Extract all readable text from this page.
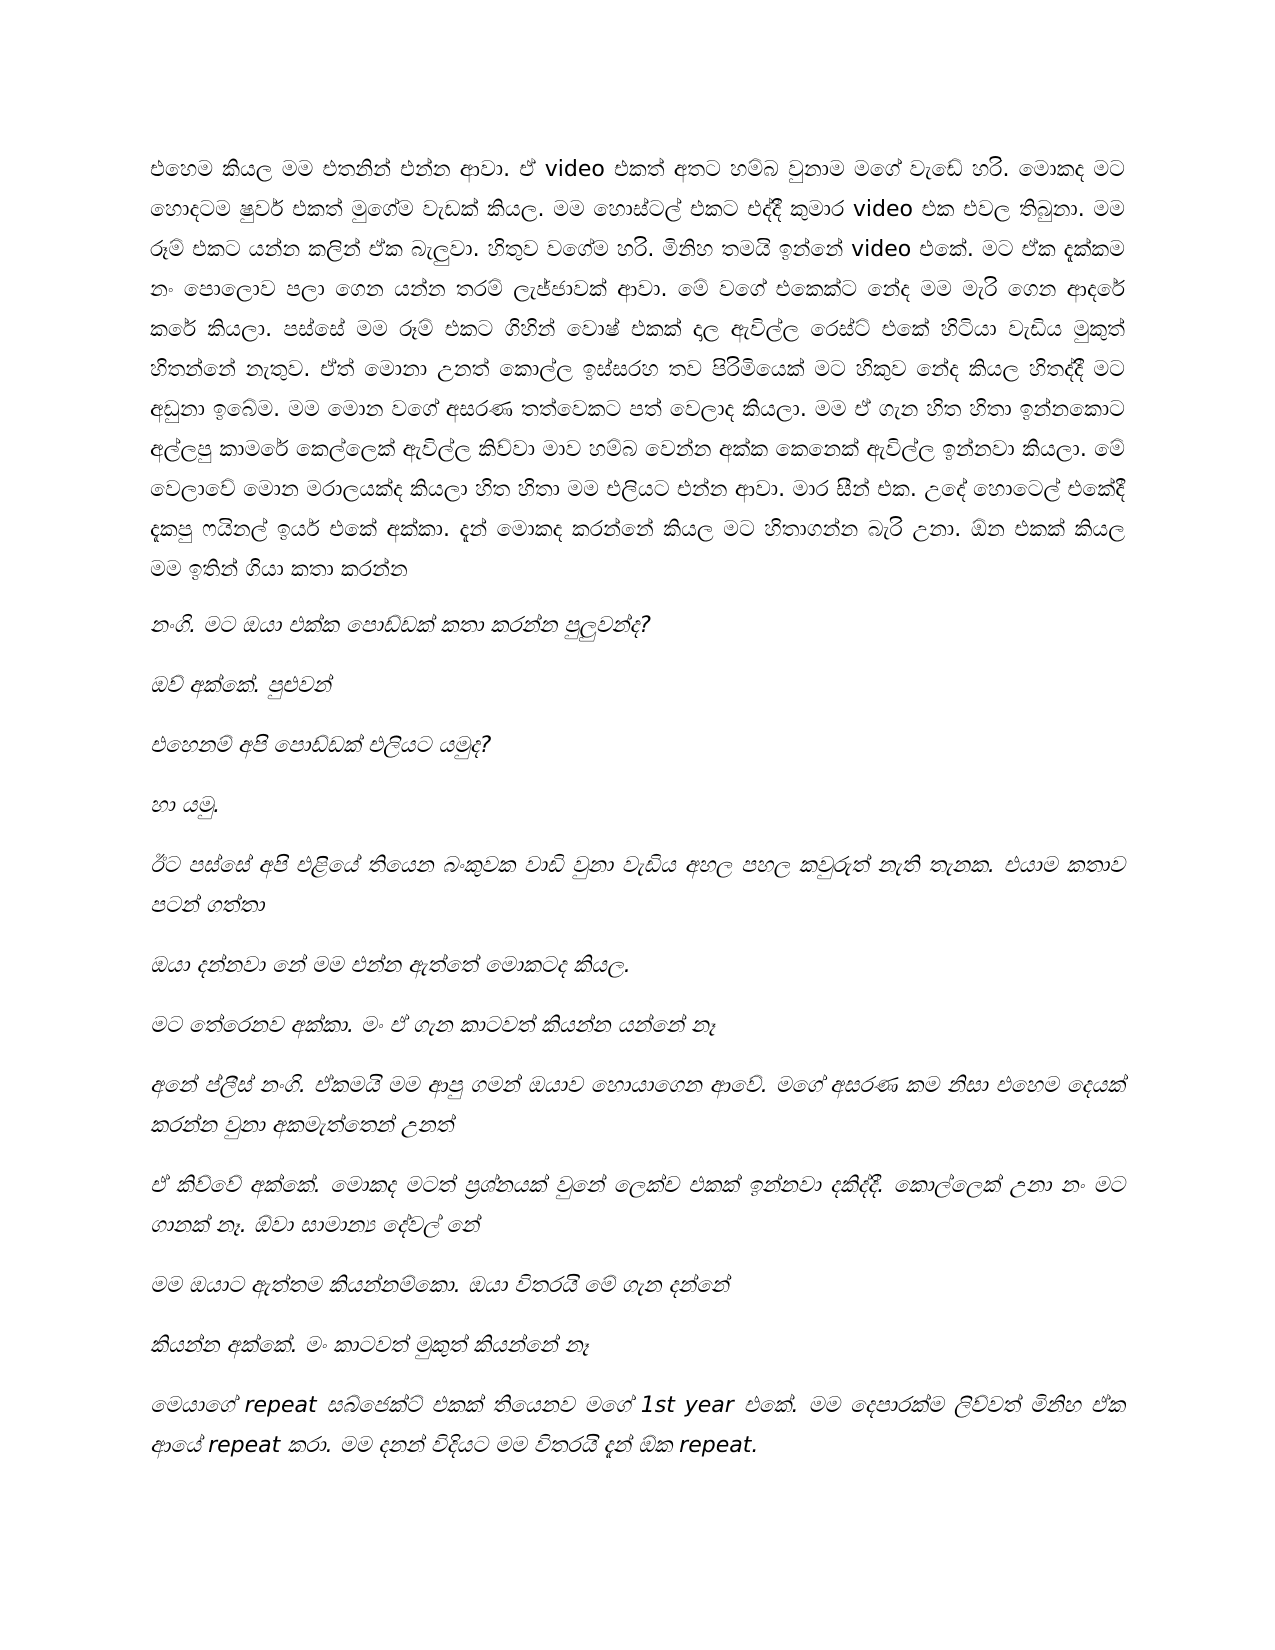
එහෙම කියල මම එතනින් එන්න ආවා. ඒ video එකත් අතට හම්බ වුනාම මගේ වැඩේ හරි. මොකද මට හොදටම ෂුවර් එකත් මුගේම වැඩක් කියල. මම හොස්ටල් එකට එද්දී කුමාර video එක එවල තිබුනා. මම රූම් එකට යන්න කලින් ඒක බැලුවා. හිතුව වගේම හරි. මිනිහ තමයි ඉන්නේ video එකේ. මට ඒක දැක්කම නං පොලොව පලා ගෙන යන්න තරම් ලැජ්ජාවක් ආවා. මේ වගේ එකෙක්ට නේද මම මැරි ගෙන ආදරේ කරේ කියලා. පස්සේ මම රූම් එකට ගිහින් වොෂ් එකක් දාල ඇවිල්ල රෙස්ට් එකේ හිටියා වැඩිය මුකුත් හිතන්නේ නැතුව. ඒත් මොනා උනත් කොල්ල ඉස්සරහ තව පිරිමියෙක් මට හිකුව නේද කියල හිතද්දී මට අඩුනා ඉබේම. මම මොන වගේ අසරණ තත්වෙකට පත් වෙලාද කියලා. මම ඒ ගැන හිත හිතා ඉන්නකොට අල්ලපු කාමරේ කෙල්ලෙක් ඇවිල්ල කිව්වා මාව හම්බ වෙන්න අක්ක කෙනෙක් ඇවිල්ල ඉන්නවා කියලා. මේ වෙලාවේ මොන මරාලයක්ද කියලා හිත හිතා මම එලියට එන්න ආවා. මාර සීන් එක. උදේ හොටෙල් එකේදී දැකපු ෆයිනල් ඉයර් එකේ අක්කා. දැන් මොකද කරන්නේ කියල මට හිතාගන්න බැරි උනා. ඕන එකක් කියල මම ඉතින් ගියා කතා කරන්න

නංගි. මට ඔයා එක්ක පොඩ්ඩක් කතා කරන්න පුලුවන්ද?

ඔව් අක්කේ. පුළුවන්

එහෙනම් අපි පොඩ්ඩක් එලියට යමුද?

හා යමු.

ඊට පස්සේ අපි එළියේ තියෙන බංකුවක වාඩි වුනා වැඩිය අහල පහල කවුරුත් නැති තැනක. එයාම කතාව පටන් ගත්තා

ඔයා දන්නවා නේ මම එන්න ඇත්තේ මොකටද කියල.

මට තේරෙනව අක්කා. මං ඒ ගැන කාටවත් කියන්න යන්නේ නෑ

අනේ ප්ලීස් නංගි. ඒකමයි මම ආපු ගමන් ඔයාව හොයාගෙන ආවේ. මගේ අසරණ කම නිසා එහෙම දෙයක් කරන්න වුනා අකමැත්තෙන් උනත්

ඒ කිව්වේ අක්කේ. මොකද මටත් ප්‍රශ්නයක් වුනේ ලෙක්ච එකක් ඉන්නවා දකිද්දී. කොල්ලෙක් උනා නං මට ගානක් නෑ. ඕවා සාමාන්‍ය දේවල් නේ

මම ඔයාට ඇත්තම කියන්නම්කො. ඔයා විතරයි මේ ගැන දන්නේ

කියන්න අක්කේ. මං කාටවත් මුකුත් කියන්නේ නෑ

මෙයාගේ repeat සබ්ජෙක්ට් එකක් තියෙනව මගේ 1st year එකේ. මම දෙපාරක්ම ලිව්වත් මිනිහ ඒක ආයේ repeat කරා. මම දනන් විදියට මම විතරයි දැන් ඕක repeat.
